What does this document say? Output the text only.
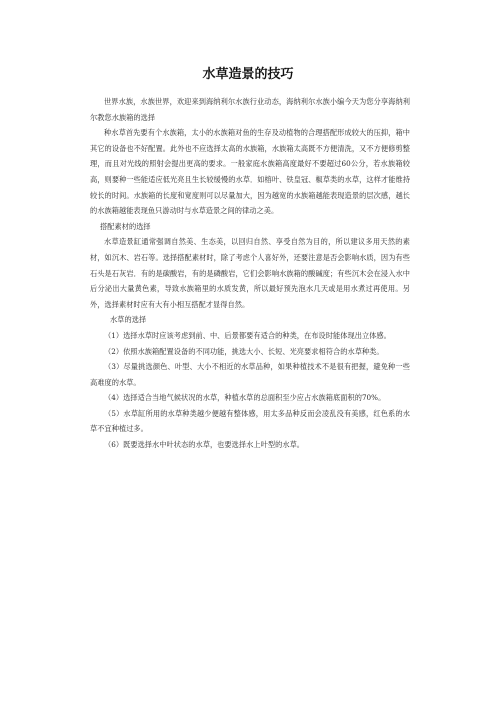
水草造景的技巧

世界水族，水族世界，欢迎来到海纳利尔水族行业动态，海纳利尔水族小编今天为您分享海纳利尔教您水族箱的选择

种水草首先要有个水族箱，太小的水族箱对鱼的生存及动植物的合理搭配形成较大的压抑，箱中其它的设备也不好配置。此外也不应选择太高的水族箱，水族箱太高既不方便清洗，又不方便修剪整理，而且对光线的照射会提出更高的要求。一般家庭水族箱高度最好不要超过60公分，若水族箱较高，则要种一些能适应低光亮且生长较缓慢的水草．如榕叶、铁皇冠、椒草类的水草，这样才能维持较长的时间。水族箱的长度和宽度则可以尽量加大，因为越宽的水族箱越能表现造景的层次感，越长的水族箱越能表现鱼只游动时与水草造景之间的律动之美。

搭配素材的选择

水草造景缸通常强调自然美、生态美，以回归自然、享受自然为目的，所以建议多用天然的素材，如沉木、岩石等。选择搭配素材时，除了考虑个人喜好外，还要注意是否会影响水质，因为有些石头是石灰岩．有的是碳酸岩，有的是磷酸岩，它们会影响水族箱的酸碱度；有些沉木会在浸入水中后分泌出大量黄色素，导致水族箱里的水质发黄，所以最好预先泡水几天或是用水煮过再使用。另外，选择素材时应有大有小相互搭配才显得自然。

水草的选择

（1）选择水草时应该考虑到前、中、后景都要有适合的种类，在布设时能体现出立体感。

（2）依照水族箱配置设备的不同功能，挑选大小、长短、光亮要求相符合的水草种类。

（3）尽量挑选颜色、叶型、大小不相近的水草品种，如果种植技术不是很有把握，避免种一些高难度的水草。

（4）选择适合当地气候状况的水草，种植水草的总面积至少应占水族箱底面积的70%。

（5）水草缸所用的水草种类越少便越有整体感，用太多品种反而会凌乱没有美感，红色系的水草不宜种植过多。

（6）既要选择水中叶状态的水草，也要选择水上叶型的水草。
